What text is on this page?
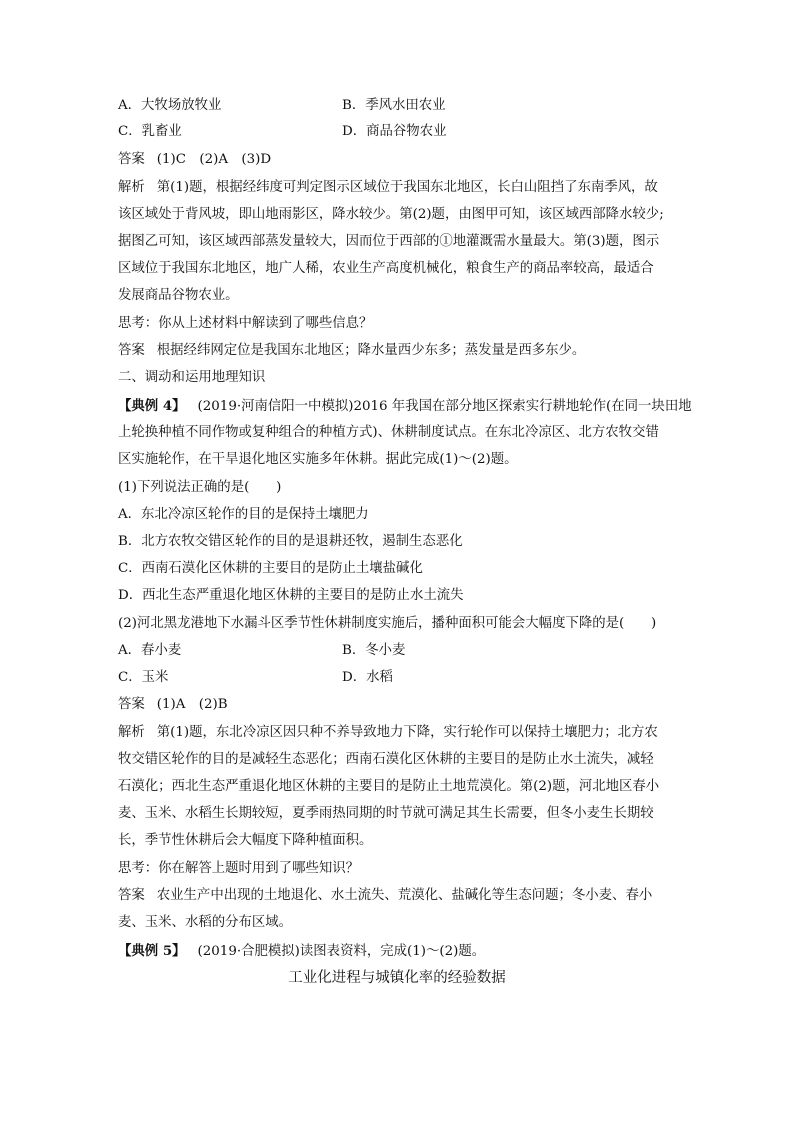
A．大牧场放牧业	B．季风水田农业
C．乳畜业	D．商品谷物农业
答案 (1)C　(2)A　(3)D
解析 第(1)题，根据经纬度可判定图示区域位于我国东北地区，长白山阻挡了东南季风，故
该区域处于背风坡，即山地雨影区，降水较少。第(2)题，由图甲可知，该区域西部降水较少;
据图乙可知，该区域西部蒸发量较大，因而位于西部的①地灌溉需水量最大。第(3)题，图示
区域位于我国东北地区，地广人稀，农业生产高度机械化，粮食生产的商品率较高，最适合
发展商品谷物农业。
思考：你从上述材料中解读到了哪些信息？
答案 根据经纬网定位是我国东北地区；降水量西少东多；蒸发量是西多东少。
二、调动和运用地理知识
【典例 4】 (2019·河南信阳一中模拟)2016 年我国在部分地区探索实行耕地轮作(在同一块田地
上轮换种植不同作物或复种组合的种植方式)、休耕制度试点。在东北冷凉区、北方农牧交错
区实施轮作，在干旱退化地区实施多年休耕。据此完成(1)～(2)题。
(1)下列说法正确的是(　　)
A．东北冷凉区轮作的目的是保持土壤肥力
B．北方农牧交错区轮作的目的是退耕还牧，遏制生态恶化
C．西南石漠化区休耕的主要目的是防止土壤盐碱化
D．西北生态严重退化地区休耕的主要目的是防止水土流失
(2)河北黑龙港地下水漏斗区季节性休耕制度实施后，播种面积可能会大幅度下降的是(　　)
A．春小麦	B．冬小麦
C．玉米	D．水稻
答案 (1)A　(2)B
解析 第(1)题，东北冷凉区因只种不养导致地力下降，实行轮作可以保持土壤肥力；北方农
牧交错区轮作的目的是减轻生态恶化；西南石漠化区休耕的主要目的是防止水土流失，减轻
石漠化；西北生态严重退化地区休耕的主要目的是防止土地荒漠化。第(2)题，河北地区春小
麦、玉米、水稻生长期较短，夏季雨热同期的时节就可满足其生长需要，但冬小麦生长期较
长，季节性休耕后会大幅度下降种植面积。
思考：你在解答上题时用到了哪些知识？
答案 农业生产中出现的土地退化、水土流失、荒漠化、盐碱化等生态问题；冬小麦、春小
麦、玉米、水稻的分布区域。
【典例 5】 (2019·合肥模拟)读图表资料，完成(1)～(2)题。
工业化进程与城镇化率的经验数据
